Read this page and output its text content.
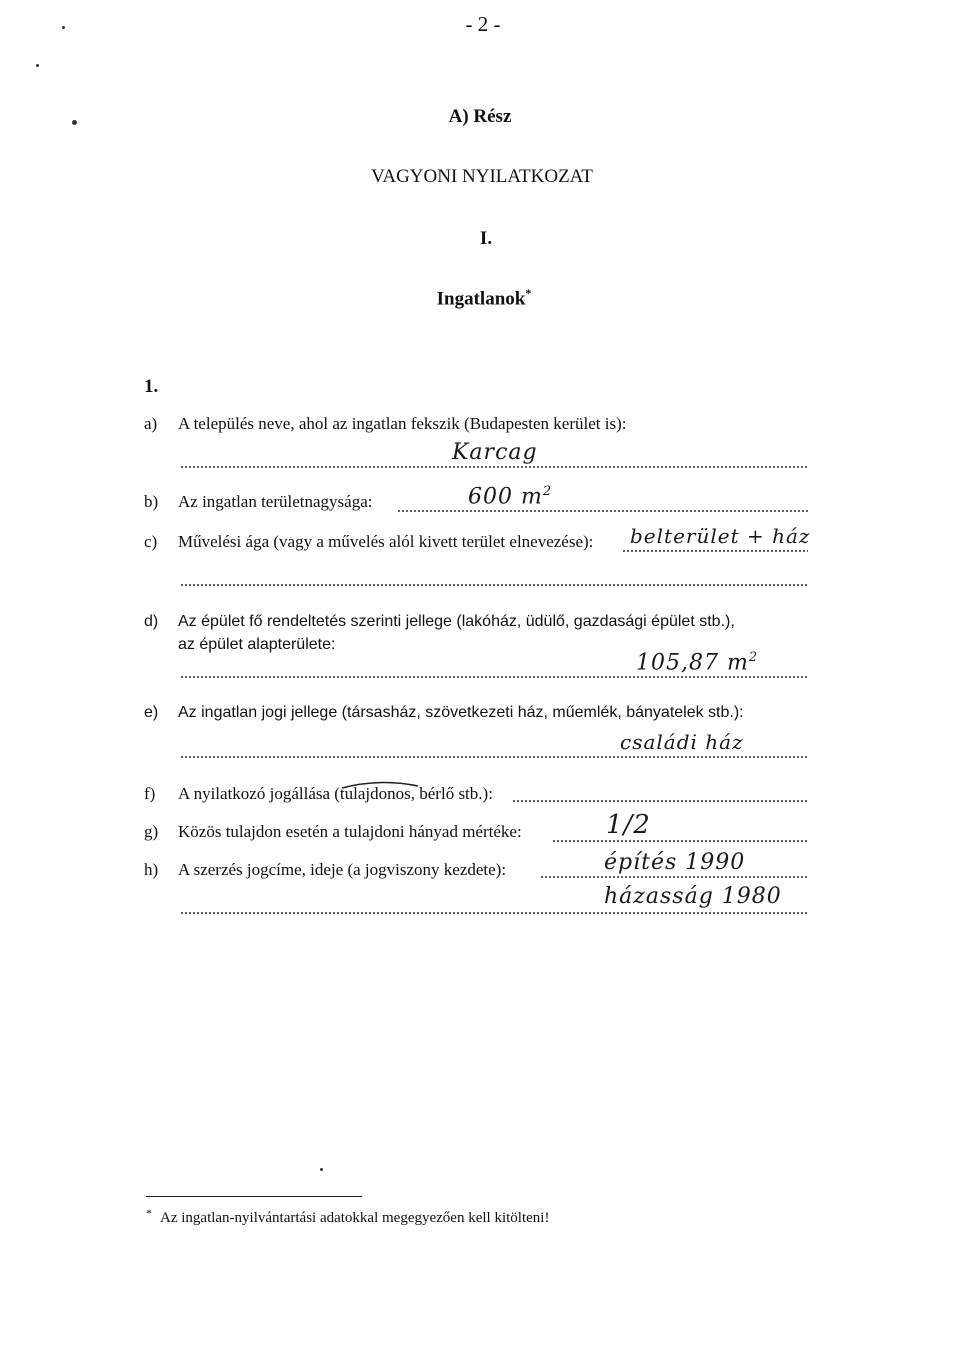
- 2 -
A) Rész
VAGYONI NYILATKOZAT
I.
Ingatlanok*
1.
a) A település neve, ahol az ingatlan fekszik (Budapesten kerület is):
Karcag
b) Az ingatlan területnagysága:	600 $m^2$
c) Művelési ága (vagy a művelés alól kivett terület elnevezése): belterület + ház
d) Az épület fő rendeltetés szerinti jellege (lakóház, üdülő, gazdasági épület stb.),
az épület alapterülete:
105,87 $m^2$
e) Az ingatlan jogi jellege (társasház, szövetkezeti ház, műemlék, bányatelek stb.):
családi ház
f) A nyilatkozó jogállása (tulajdonos, bérlő stb.):
g) Közös tulajdon esetén a tulajdoni hányad mértéke:	1/2
h) A szerzés jogcíme, ideje (a jogviszony kezdete):	építés 1990
házasság 1980
* Az ingatlan-nyilvántartási adatokkal megegyezően kell kitölteni!
